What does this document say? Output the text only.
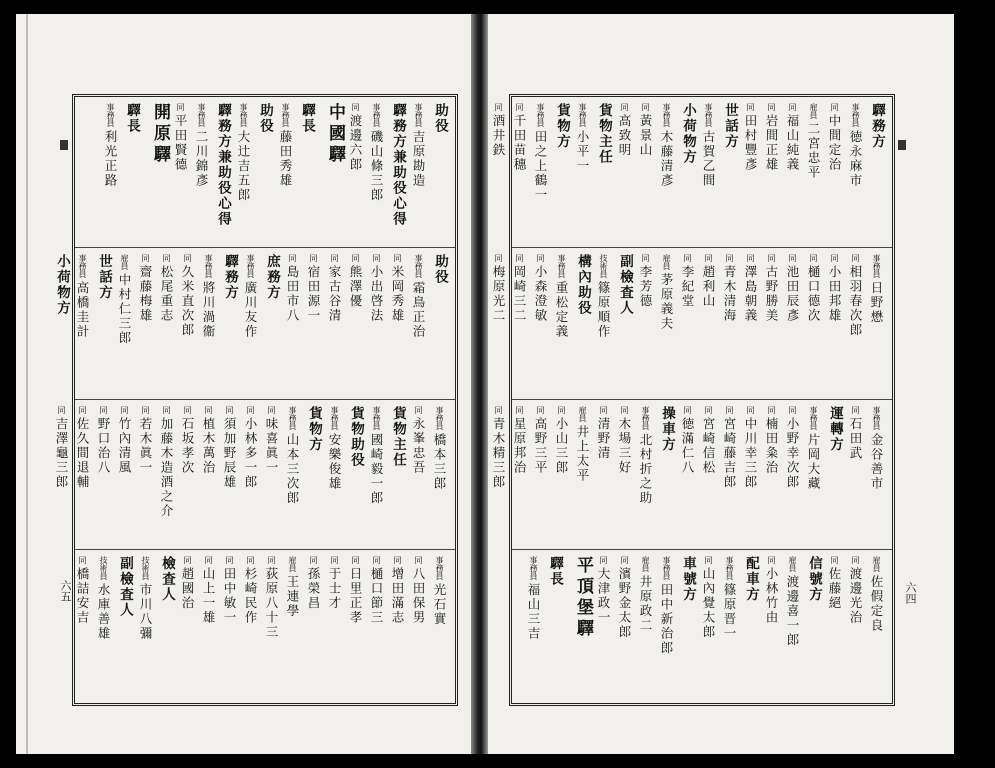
助役
事務員吉原勘造
驛務方兼助役心得
事務員磯山條三郎
同渡邊六郎
中國驛
驛長
事務員藤田秀雄
助役
事務員大辻吉五郎
驛務方兼助役心得
事務員二川錦彥
同平田賢德
開原驛
驛長
事務員利光正路
助役
事務員霜鳥正治
同米岡秀雄
同小出啓法
同熊澤優
同家古谷清
同宿田源一
同島田市八
庶務方
事務員廣川友作
驛務方
事務員將川渦衞
同久米直次郎
同松尾重志
同齋藤梅雄
雇員中村仁三郎
世話方
事務員高橋圭計
小荷物方
事務員橋本三郎
同永峯忠吾
貨物主任
事務員國崎毅一郎
貨物助役
事務員安樂俊雄
貨物方
事務員山本三次郎
同味喜眞一
同小林多一郎
同須加野辰雄
同植木萬治
同石坂孝次
同加藤木造酒之介
同若木眞一
同竹內清風
同野口治八
同佐久間退輔
同吉澤龜三郎
事務員光石實
同八田保男
同增田滿志
同樋口節三
同日里正孝
同于士才
同孫榮昌
雇員王連學
同荻原八十三
同杉崎民作
同田中敏一
同山上一雄
同趙國治
檢査人
技術員市川八彌
副檢査人
技術員水庫善雄
同橋詰安吉
驛務方
事務員徳永麻市
同中間定治
雇員二宮忠平
同福山純義
同岩間正雄
同田村豐彥
世話方
事務員古賀乙間
小荷物方
事務員木藤清彥
同黃景山
同高致明
貨物主任
事務員小平一
貨物方
事務員田之上鶴一
同千田苗穗
同酒井鉄
事務員日野懋
同相羽春次郎
同小田邦雄
同樋口德次
同池田辰彥
同古野勝美
同澤島朝義
同青木清海
同趙利山
同李紀堂
雇員茅原義夫
同李芳德
副檢査人
技術員篠原順作
構內助役
事務員重松定義
同小森澄敏
同岡崎三二
同梅原光二
事務員金谷善市
同石田武
運轉方
事務員片岡大藏
同小野幸次郎
同楠田粂治
同中川幸三郎
同宮崎藤吉郎
同宮崎信松
同徳滿仁八
操車方
事務員北村折之助
同木場三好
同清野清
雇員井上太平
同小山三郎
同高野三平
同星原邦治
同青木精三郎
雇員佐假定良
同渡邊光治
同佐藤絕
信號方
雇員渡邊喜一郎
同小林竹由
配車方
事務員篠原晋一
同山內覺太郎
車號方
事務員田中新治郎
雇員井原政二
同濱野金太郎
同大津政一
平頂堡驛
驛長
事務員福山三吉
六五	六四
